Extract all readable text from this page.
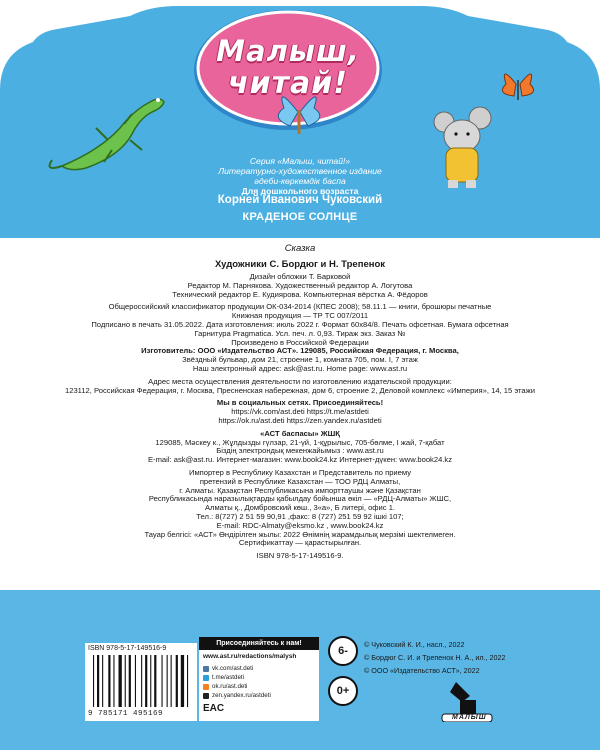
Малыш,
читай!
Серия «Малыш, читай!»
Литературно-художественное издание
әдеби-көркемдік баспа
Для дошкольного возраста
Корней Иванович Чуковский
КРАДЕНОЕ СОЛНЦЕ
Сказка
Художники С. Бордюг и Н. Трепенок
Дизайн обложки Т. Барковой
Редактор М. Парнякова. Художественный редактор А. Логутова
Технический редактор Е. Кудиярова. Компьютерная вёрстка А. Фёдоров
Общероссийский классификатор продукции ОК-034-2014 (КПЕС 2008); 58.11.1 — книги, брошюры печатные
Книжная продукция — ТР ТС 007/2011
Подписано в печать 31.05.2022. Дата изготовления: июль 2022 г. Формат 60x84/8. Печать офсетная. Бумага офсетная
Гарнитура Pragmatica. Усл. печ. л. 0,93. Тираж экз. Заказ №
Произведено в Российской Федерации
Изготовитель: ООО «Издательство АСТ». 129085, Российская Федерация, г. Москва,
Звёздный бульвар, дом 21, строение 1, комната 705, пом. I, 7 этаж
Наш электронный адрес: ask@ast.ru. Home page: www.ast.ru
Адрес места осуществления деятельности по изготовлению издательской продукции:
123112, Российская Федерация, г. Москва, Пресненская набережная, дом 6, строение 2, Деловой комплекс «Империя», 14, 15 этажи
Мы в социальных сетях. Присоединяйтесь!
https://vk.com/ast.deti https://t.me/astdeti
https://ok.ru/ast.deti https://zen.yandex.ru/astdeti
«АСТ баспасы» ЖШҚ
129085, Мәскеу к., Жұлдызды гүлзар, 21-үй, 1-құрылыс, 705-бөлме, I жай, 7-қабат
Біздің электрондық мекенжайымыз : www.ast.ru
E-mail: ask@ast.ru. Интернет-магазин: www.book24.kz Интернет-дүкен: www.book24.kz
Импортер в Республику Казахстан и Представитель по приему
претензий в Республике Казахстан — ТОО РДЦ Алматы,
г. Алматы. Қазақстан Республикасына импорттаушы және Қазақстан
Республикасында наразылықтарды қабылдау бойынша өкіл — «РДЦ-Алматы» ЖШС,
Алматы қ., Домбровский көш., 3«а», Б литері, офис 1.
Тел.: 8(727) 2 51 59 90,91 ,факс: 8 (727) 251 59 92 ішкі 107;
E-mail: RDC-Almaty@eksmo.kz , www.book24.kz
Тауар белгісі: «АСТ» Өндірілген жылы: 2022 Өнімнің жарамдылық мерзімі шектелмеген.
Сертификаттау — қарастырылған.
ISBN 978-5-17-149516-9.
ISBN 978-5-17-149516-9
9 785171 495169
Присоединяйтесь к нам!
www.ast.ru/redactions/malysh
vk.com/ast.deti
t.me/astdeti
ok.ru/ast.deti
zen.yandex.ru/astdeti
EAC
6-
0+
© Чуковский К. И., насл., 2022
© Бордюг С. И. и Трепенок Н. А., ил., 2022
© ООО «Издательство АСТ», 2022
МАЛЫШ
